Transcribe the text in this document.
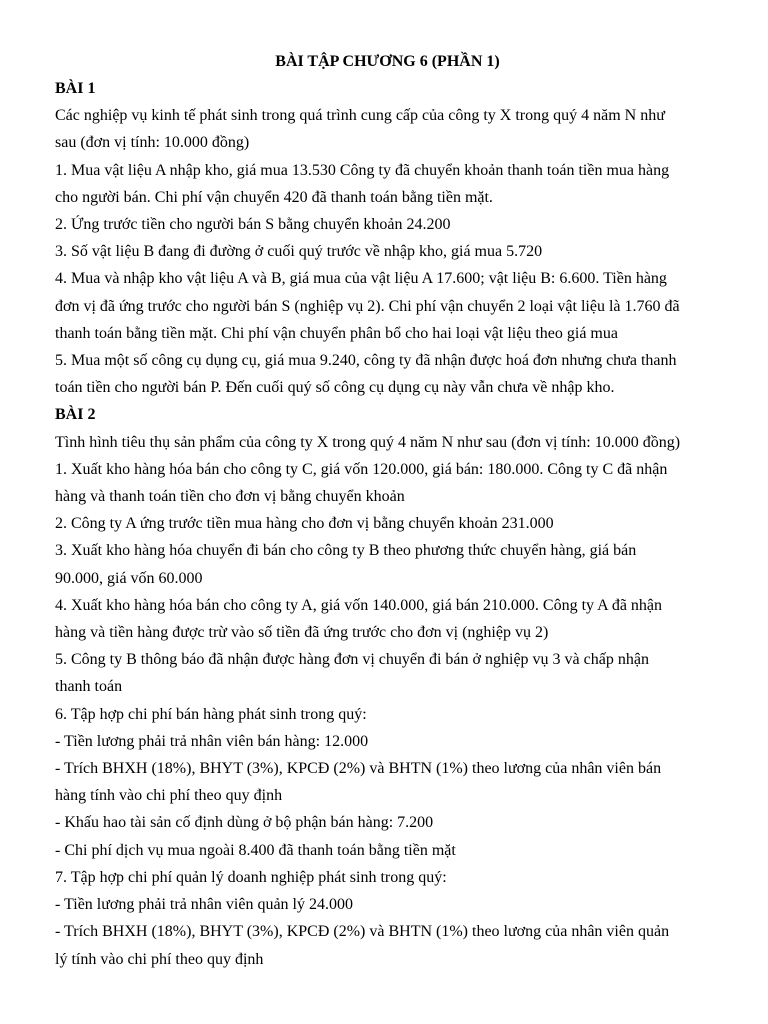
BÀI TẬP CHƯƠNG 6 (PHẦN 1)
BÀI 1
Các nghiệp vụ kinh tế phát sinh trong quá trình cung cấp của công ty X trong quý 4 năm N như
sau (đơn vị tính: 10.000 đồng)
1. Mua vật liệu A nhập kho, giá mua 13.530 Công ty đã chuyển khoản thanh toán tiền mua hàng
cho người bán. Chi phí vận chuyển 420 đã thanh toán bằng tiền mặt.
2. Ứng trước tiền cho người bán S bằng chuyển khoản 24.200
3. Số vật liệu B đang đi đường ở cuối quý trước về nhập kho, giá mua 5.720
4. Mua và nhập kho vật liệu A và B, giá mua của vật liệu A 17.600; vật liệu B: 6.600. Tiền hàng
đơn vị đã ứng trước cho người bán S (nghiệp vụ 2). Chi phí vận chuyển 2 loại vật liệu là 1.760 đã
thanh toán bằng tiền mặt. Chi phí vận chuyển phân bổ cho hai loại vật liệu theo giá mua
5. Mua một số công cụ dụng cụ, giá mua 9.240, công ty đã nhận được hoá đơn nhưng chưa thanh
toán tiền cho người bán P. Đến cuối quý số công cụ dụng cụ này vẫn chưa về nhập kho.
BÀI 2
Tình hình tiêu thụ sản phẩm của công ty X trong quý 4 năm N như sau (đơn vị tính: 10.000 đồng)
1. Xuất kho hàng hóa bán cho công ty C, giá vốn 120.000, giá bán: 180.000. Công ty C đã nhận
hàng và thanh toán tiền cho đơn vị bằng chuyển khoản
2. Công ty A ứng trước tiền mua hàng cho đơn vị bằng chuyển khoản 231.000
3. Xuất kho hàng hóa chuyển đi bán cho công ty B theo phương thức chuyển hàng, giá bán
90.000, giá vốn 60.000
4. Xuất kho hàng hóa bán cho công ty A, giá vốn 140.000, giá bán 210.000. Công ty A đã nhận
hàng và tiền hàng được trừ vào số tiền đã ứng trước cho đơn vị (nghiệp vụ 2)
5. Công ty B thông báo đã nhận được hàng đơn vị chuyển đi bán ở nghiệp vụ 3 và chấp nhận
thanh toán
6. Tập hợp chi phí bán hàng phát sinh trong quý:
- Tiền lương phải trả nhân viên bán hàng: 12.000
- Trích BHXH (18%), BHYT (3%), KPCĐ (2%) và BHTN (1%) theo lương của nhân viên bán
hàng tính vào chi phí theo quy định
- Khấu hao tài sản cố định dùng ở bộ phận bán hàng: 7.200
- Chi phí dịch vụ mua ngoài 8.400 đã thanh toán bằng tiền mặt
7. Tập hợp chi phí quản lý doanh nghiệp phát sinh trong quý:
- Tiền lương phải trả nhân viên quản lý 24.000
- Trích BHXH (18%), BHYT (3%), KPCĐ (2%) và BHTN (1%) theo lương của nhân viên quản
lý tính vào chi phí theo quy định
